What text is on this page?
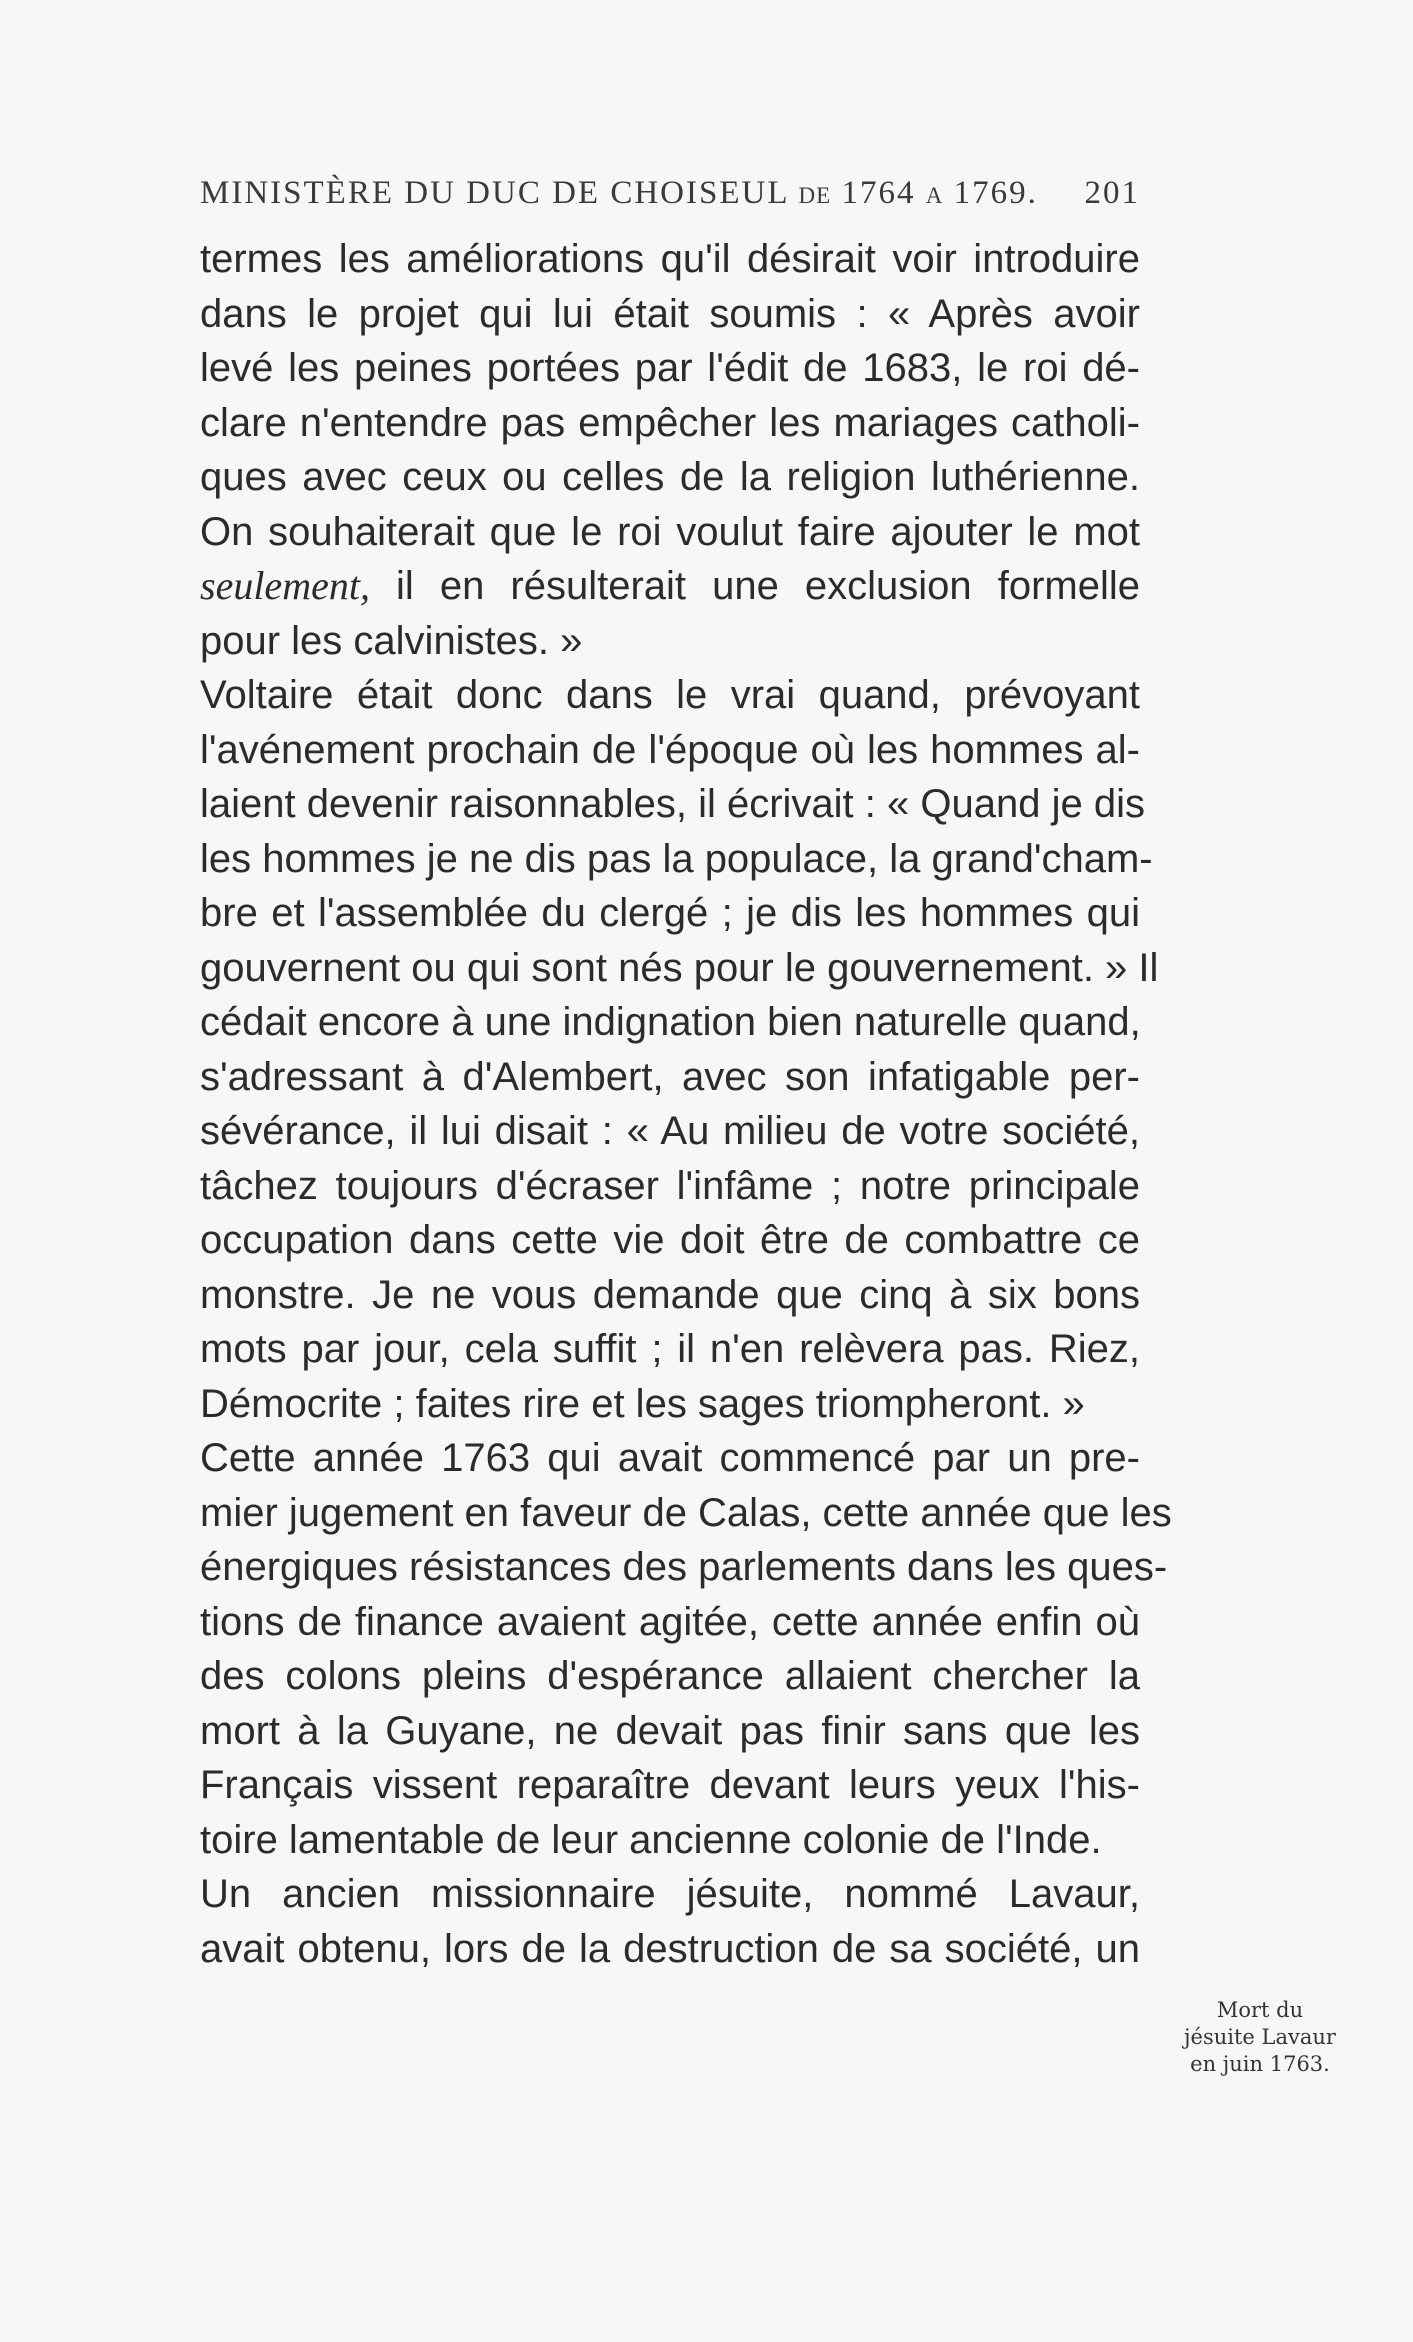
MINISTÈRE DU DUC DE CHOISEUL DE 1764 A 1769. 201
termes les améliorations qu'il désirait voir introduire
dans le projet qui lui était soumis : « Après avoir
levé les peines portées par l'édit de 1683, le roi dé-
clare n'entendre pas empêcher les mariages catholi-
ques avec ceux ou celles de la religion luthérienne.
On souhaiterait que le roi voulut faire ajouter le mot
seulement, il en résulterait une exclusion formelle
pour les calvinistes. »
Voltaire était donc dans le vrai quand, prévoyant
l'avénement prochain de l'époque où les hommes al-
laient devenir raisonnables, il écrivait : « Quand je dis
les hommes je ne dis pas la populace, la grand'cham-
bre et l'assemblée du clergé ; je dis les hommes qui
gouvernent ou qui sont nés pour le gouvernement. » Il
cédait encore à une indignation bien naturelle quand,
s'adressant à d'Alembert, avec son infatigable per-
sévérance, il lui disait : « Au milieu de votre société,
tâchez toujours d'écraser l'infâme ; notre principale
occupation dans cette vie doit être de combattre ce
monstre. Je ne vous demande que cinq à six bons
mots par jour, cela suffit ; il n'en relèvera pas. Riez,
Démocrite ; faites rire et les sages triompheront. »
Cette année 1763 qui avait commencé par un pre-
mier jugement en faveur de Calas, cette année que les
énergiques résistances des parlements dans les ques-
tions de finance avaient agitée, cette année enfin où
des colons pleins d'espérance allaient chercher la
mort à la Guyane, ne devait pas finir sans que les
Français vissent reparaître devant leurs yeux l'his-
toire lamentable de leur ancienne colonie de l'Inde.
Un ancien missionnaire jésuite, nommé Lavaur,
avait obtenu, lors de la destruction de sa société, un
Mort du
jésuite Lavaur
en juin 1763.
